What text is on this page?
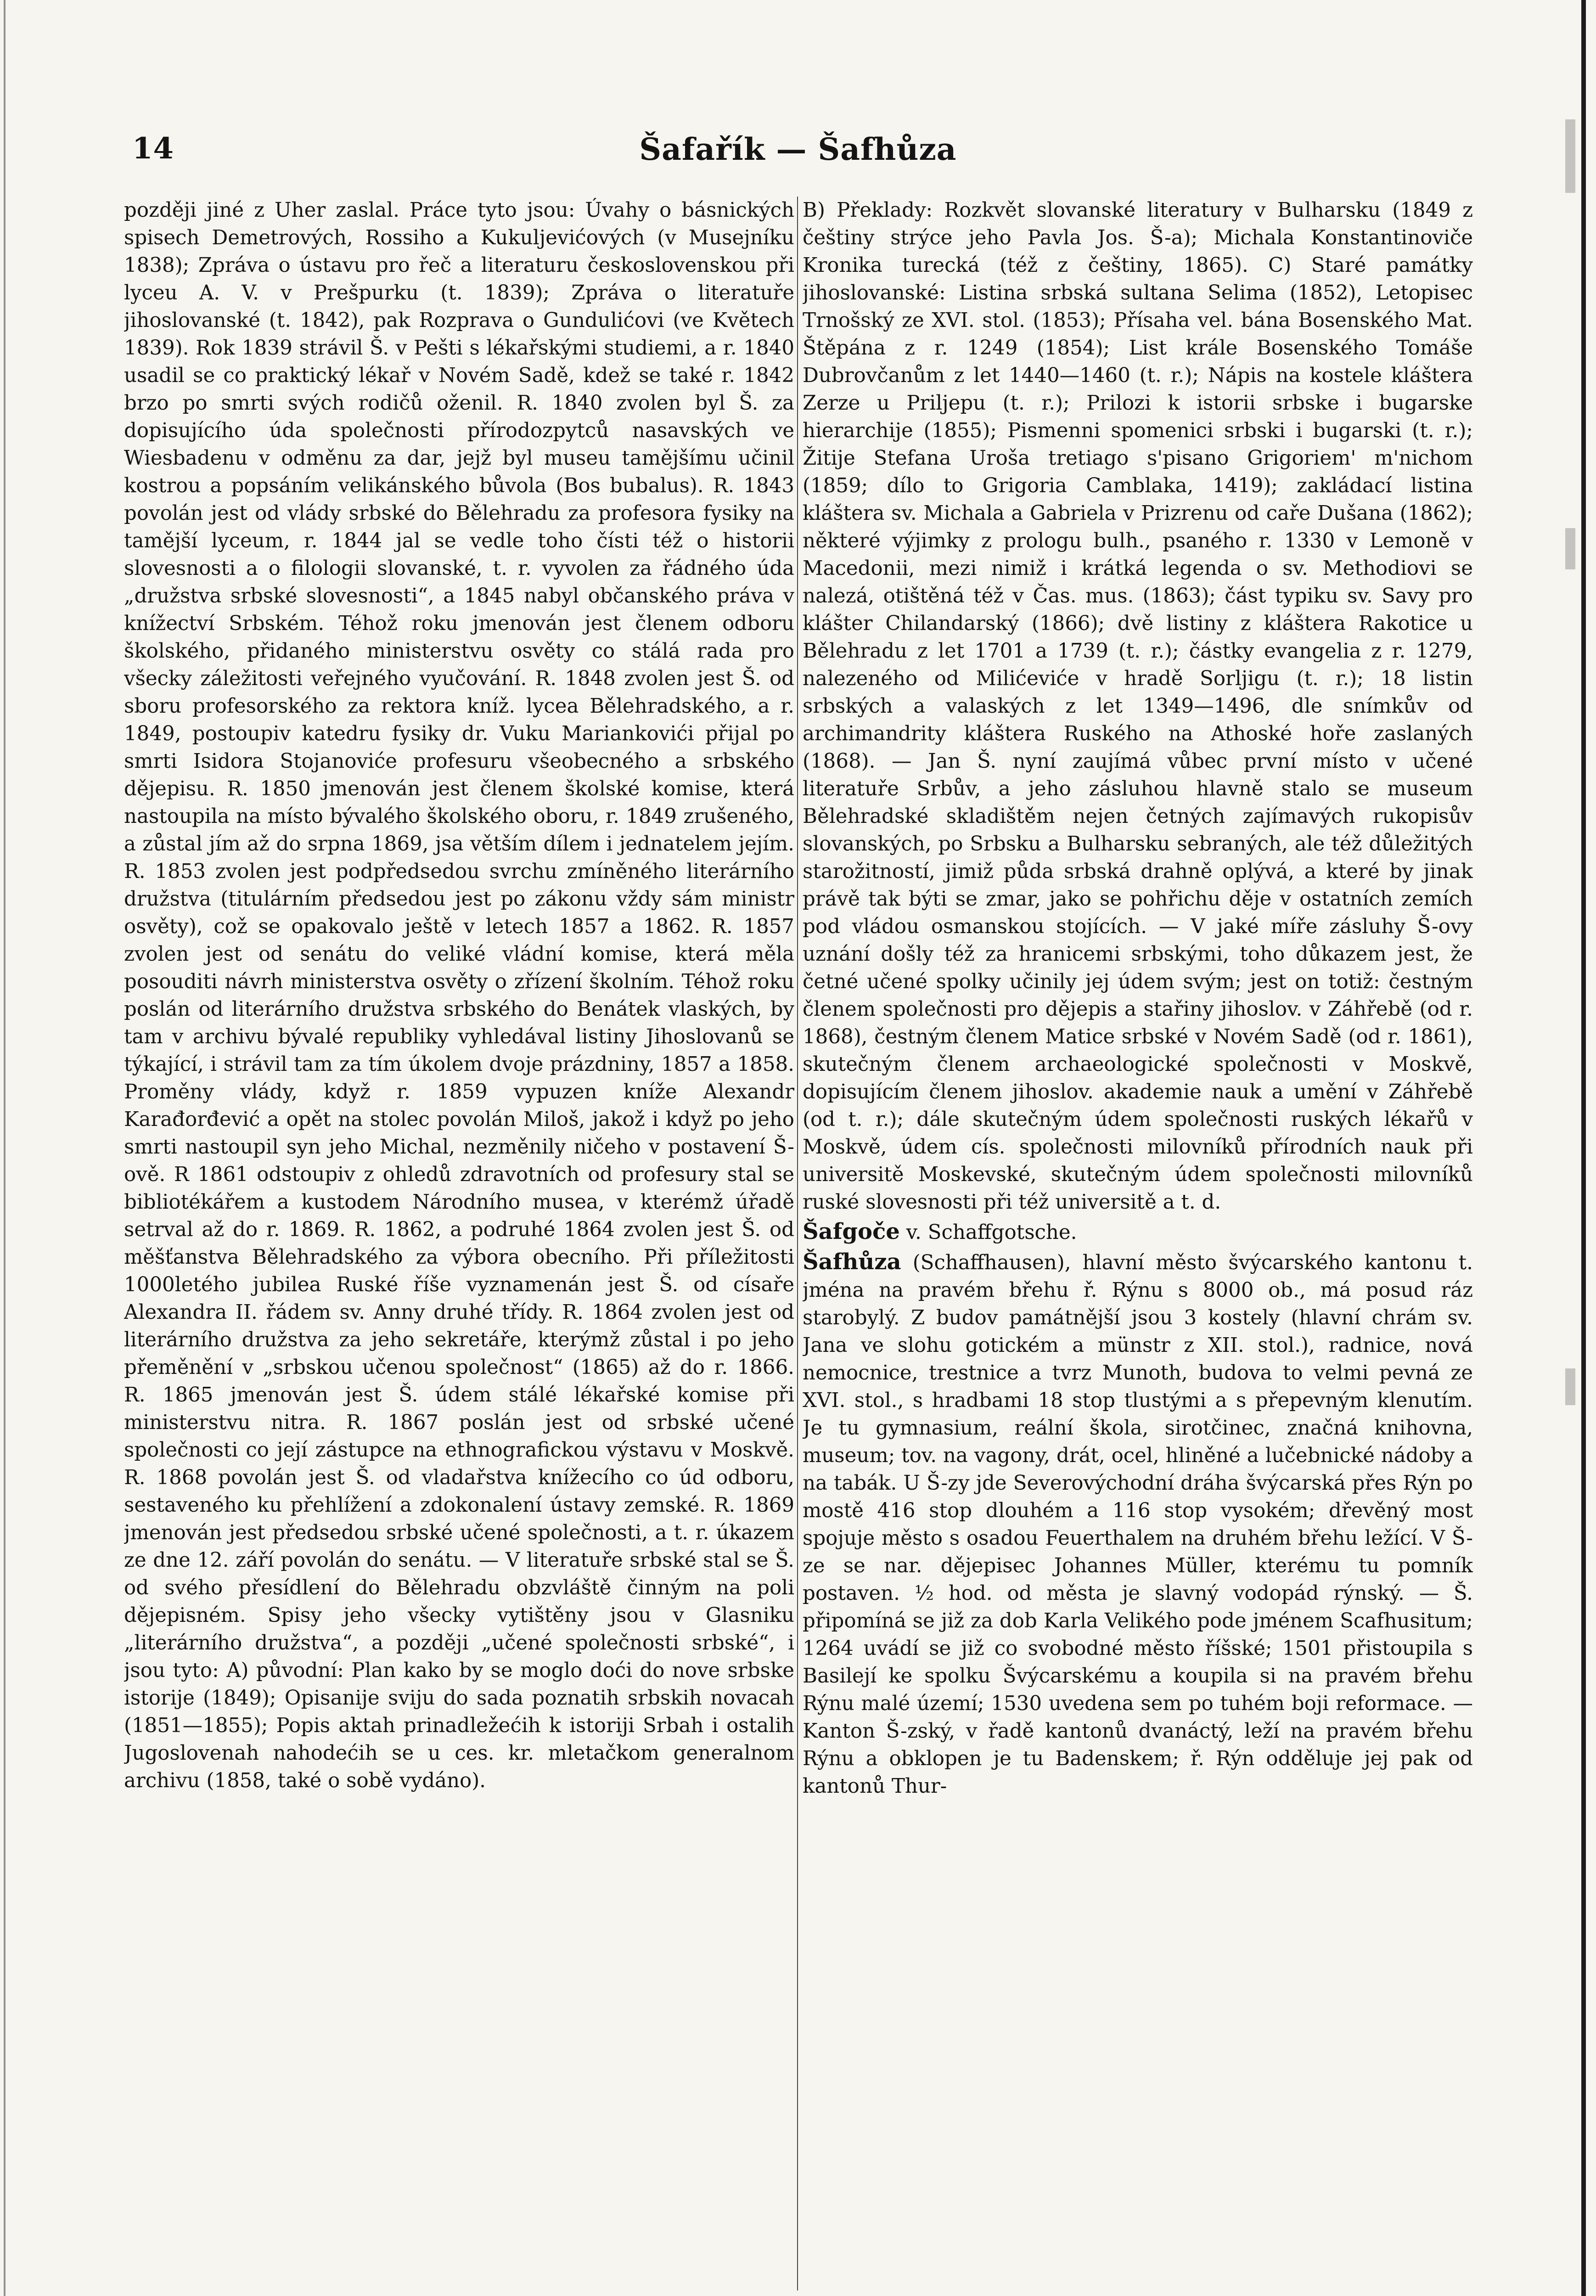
14	Šafařík — Šafhůza

později jiné z Uher zaslal. Práce tyto jsou: Úvahy o básnických spisech Demetrových, Rossiho a Kukuljevićových (v Musejníku 1838); Zpráva o ústavu pro řeč a literaturu československou při lyceu A. V. v Prešpurku (t. 1839); Zpráva o literatuře jihoslovanské (t. 1842), pak Rozprava o Gundulićovi (ve Květech 1839). Rok 1839 strávil Š. v Pešti s lékařskými studiemi, a r. 1840 usadil se co praktický lékař v Novém Sadě, kdež se také r. 1842 brzo po smrti svých rodičů oženil. R. 1840 zvolen byl Š. za dopisujícího úda společnosti přírodozpytců nasavských ve Wiesbadenu v odměnu za dar, jejž byl museu tamějšímu učinil kostrou a popsáním velikánského bůvola (Bos bubalus). R. 1843 povolán jest od vlády srbské do Bělehradu za profesora fysiky na tamější lyceum, r. 1844 jal se vedle toho čísti též o historii slovesnosti a o filologii slovanské, t. r. vyvolen za řádného úda „družstva srbské slovesnosti“, a 1845 nabyl občanského práva v knížectví Srbském. Téhož roku jmenován jest členem odboru školského, přidaného ministerstvu osvěty co stálá rada pro všecky záležitosti veřejného vyučování. R. 1848 zvolen jest Š. od sboru profesorského za rektora kníž. lycea Bělehradského, a r. 1849, postoupiv katedru fysiky dr. Vuku Mariankovići přijal po smrti Isidora Stojanoviće profesuru všeobecného a srbského dějepisu. R. 1850 jmenován jest členem školské komise, která nastoupila na místo bývalého školského oboru, r. 1849 zrušeného, a zůstal jím až do srpna 1869, jsa větším dílem i jednatelem jejím. R. 1853 zvolen jest podpředsedou svrchu zmíněného literárního družstva (titulárním předsedou jest po zákonu vždy sám ministr osvěty), což se opakovalo ještě v letech 1857 a 1862. R. 1857 zvolen jest od senátu do veliké vládní komise, která měla posouditi návrh ministerstva osvěty o zřízení školním. Téhož roku poslán od literárního družstva srbského do Benátek vlaských, by tam v archivu bývalé republiky vyhledával listiny Jihoslovanů se týkající, i strávil tam za tím úkolem dvoje prázdniny, 1857 a 1858. Proměny vlády, když r. 1859 vypuzen kníže Alexandr Karađorđević a opět na stolec povolán Miloš, jakož i když po jeho smrti nastoupil syn jeho Michal, nezměnily ničeho v postavení Š-ově. R 1861 odstoupiv z ohledů zdravotních od profesury stal se bibliotékářem a kustodem Národního musea, v kterémž úřadě setrval až do r. 1869. R. 1862, a podruhé 1864 zvolen jest Š. od měšťanstva Bělehradského za výbora obecního. Při příležitosti 1000letého jubilea Ruské říše vyznamenán jest Š. od císaře Alexandra II. řádem sv. Anny druhé třídy. R. 1864 zvolen jest od literárního družstva za jeho sekretáře, kterýmž zůstal i po jeho přeměnění v „srbskou učenou společnost“ (1865) až do r. 1866. R. 1865 jmenován jest Š. údem stálé lékařské komise při ministerstvu nitra. R. 1867 poslán jest od srbské učené společnosti co její zástupce na ethnografickou výstavu v Moskvě. R. 1868 povolán jest Š. od vladařstva knížecího co úd odboru, sestaveného ku přehlížení a zdokonalení ústavy zemské. R. 1869 jmenován jest předsedou srbské učené společnosti, a t. r. úkazem ze dne 12. září povolán do senátu. — V literatuře srbské stal se Š. od svého přesídlení do Bělehradu obzvláště činným na poli dějepisném. Spisy jeho všecky vytištěny jsou v Glasniku „literárního družstva“, a později „učené společnosti srbské“, i jsou tyto: A) původní: Plan kako by se moglo doći do nove srbske istorije (1849); Opisanije sviju do sada poznatih srbskih novacah (1851—1855); Popis aktah prinadležećih k istoriji Srbah i ostalih Jugoslovenah nahodećih se u ces. kr. mletačkom generalnom archivu (1858, také o sobě vydáno).

B) Překlady: Rozkvět slovanské literatury v Bulharsku (1849 z češtiny strýce jeho Pavla Jos. Š-a); Michala Konstantinoviče Kronika turecká (též z češtiny, 1865). C) Staré památky jihoslovanské: Listina srbská sultana Selima (1852), Letopisec Trnošský ze XVI. stol. (1853); Přísaha vel. bána Bosenského Mat. Štěpána z r. 1249 (1854); List krále Bosenského Tomáše Dubrovčanům z let 1440—1460 (t. r.); Nápis na kostele kláštera Zerze u Priljepu (t. r.); Prilozi k istorii srbske i bugarske hierarchije (1855); Pismenni spomenici srbski i bugarski (t. r.); Žitije Stefana Uroša tretiago s'pisano Grigoriem' m'nichom (1859; dílo to Grigoria Camblaka, 1419); zakládací listina kláštera sv. Michala a Gabriela v Prizrenu od caře Dušana (1862); některé výjimky z prologu bulh., psaného r. 1330 v Lemoně v Macedonii, mezi nimiž i krátká legenda o sv. Methodiovi se nalezá, otištěná též v Čas. mus. (1863); část typiku sv. Savy pro klášter Chilandarský (1866); dvě listiny z kláštera Rakotice u Bělehradu z let 1701 a 1739 (t. r.); částky evangelia z r. 1279, nalezeného od Milićeviće v hradě Sorljigu (t. r.); 18 listin srbských a valaských z let 1349—1496, dle snímkův od archimandrity kláštera Ruského na Athoské hoře zaslaných (1868). — Jan Š. nyní zaujímá vůbec první místo v učené literatuře Srbův, a jeho zásluhou hlavně stalo se museum Bělehradské skladištěm nejen četných zajímavých rukopisův slovanských, po Srbsku a Bulharsku sebraných, ale též důležitých starožitností, jimiž půda srbská drahně oplývá, a které by jinak právě tak býti se zmar, jako se pohřichu děje v ostatních zemích pod vládou osmanskou stojících. — V jaké míře zásluhy Š-ovy uznání došly též za hranicemi srbskými, toho důkazem jest, že četné učené spolky učinily jej údem svým; jest on totiž: čestným členem společnosti pro dějepis a stařiny jihoslov. v Záhřebě (od r. 1868), čestným členem Matice srbské v Novém Sadě (od r. 1861), skutečným členem archaeologické společnosti v Moskvě, dopisujícím členem jihoslov. akademie nauk a umění v Záhřebě (od t. r.); dále skutečným údem společnosti ruských lékařů v Moskvě, údem cís. společnosti milovníků přírodních nauk při universitě Moskevské, skutečným údem společnosti milovníků ruské slovesnosti při též universitě a t. d.

Šafgoče v. Schaffgotsche.

Šafhůza (Schaffhausen), hlavní město švýcarského kantonu t. jména na pravém břehu ř. Rýnu s 8000 ob., má posud ráz starobylý. Z budov památnější jsou 3 kostely (hlavní chrám sv. Jana ve slohu gotickém a münstr z XII. stol.), radnice, nová nemocnice, trestnice a tvrz Munoth, budova to velmi pevná ze XVI. stol., s hradbami 18 stop tlustými a s přepevným klenutím. Je tu gymnasium, reální škola, sirotčinec, značná knihovna, museum; tov. na vagony, drát, ocel, hliněné a lučebnické nádoby a na tabák. U Š-zy jde Severovýchodní dráha švýcarská přes Rýn po mostě 416 stop dlouhém a 116 stop vysokém; dřevěný most spojuje město s osadou Feuerthalem na druhém břehu ležící. V Š-ze se nar. dějepisec Johannes Müller, kterému tu pomník postaven. ½ hod. od města je slavný vodopád rýnský. — Š. připomíná se již za dob Karla Velikého pode jménem Scafhusitum; 1264 uvádí se již co svobodné město říšské; 1501 přistoupila s Basilejí ke spolku Švýcarskému a koupila si na pravém břehu Rýnu malé území; 1530 uvedena sem po tuhém boji reformace. — Kanton Š-zský, v řadě kantonů dvanáctý, leží na pravém břehu Rýnu a obklopen je tu Badenskem; ř. Rýn odděluje jej pak od kantonů Thur-
